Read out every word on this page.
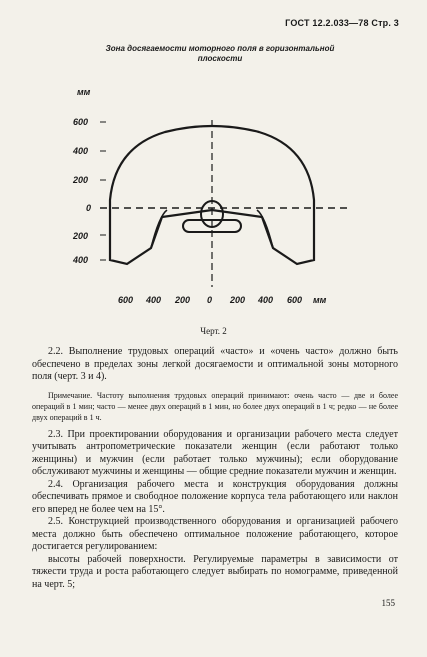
ГОСТ 12.2.033—78 Стр. 3
Зона досягаемости моторного поля в горизонтальной
плоскости
мм
600
400
200
0
200
400
600 400 200 0 200 400 600 мм
Черт. 2

2.2. Выполнение трудовых операций «часто» и «очень часто» должно быть обеспечено в пределах зоны легкой досягаемости и оптимальной зоны моторного поля (черт. 3 и 4).

Примечание. Частоту выполнения трудовых операций принимают: очень часто — две и более операций в 1 мин; часто — менее двух операций в 1 мин, но более двух операций в 1 ч; редко — не более двух операций в 1 ч.

2.3. При проектировании оборудования и организации рабочего места следует учитывать антропометрические показатели женщин (если работают только женщины) и мужчин (если работает только мужчины); если оборудование обслуживают мужчины и женщины — общие средние показатели мужчин и женщин.

2.4. Организация рабочего места и конструкция оборудования должны обеспечивать прямое и свободное положение корпуса тела работающего или наклон его вперед не более чем на 15°.

2.5. Конструкцией производственного оборудования и организацией рабочего места должно быть обеспечено оптимальное положение работающего, которое достигается регулированием:

высоты рабочей поверхности. Регулируемые параметры в зависимости от тяжести труда и роста работающего следует выбирать по номограмме, приведенной на черт. 5;

155
